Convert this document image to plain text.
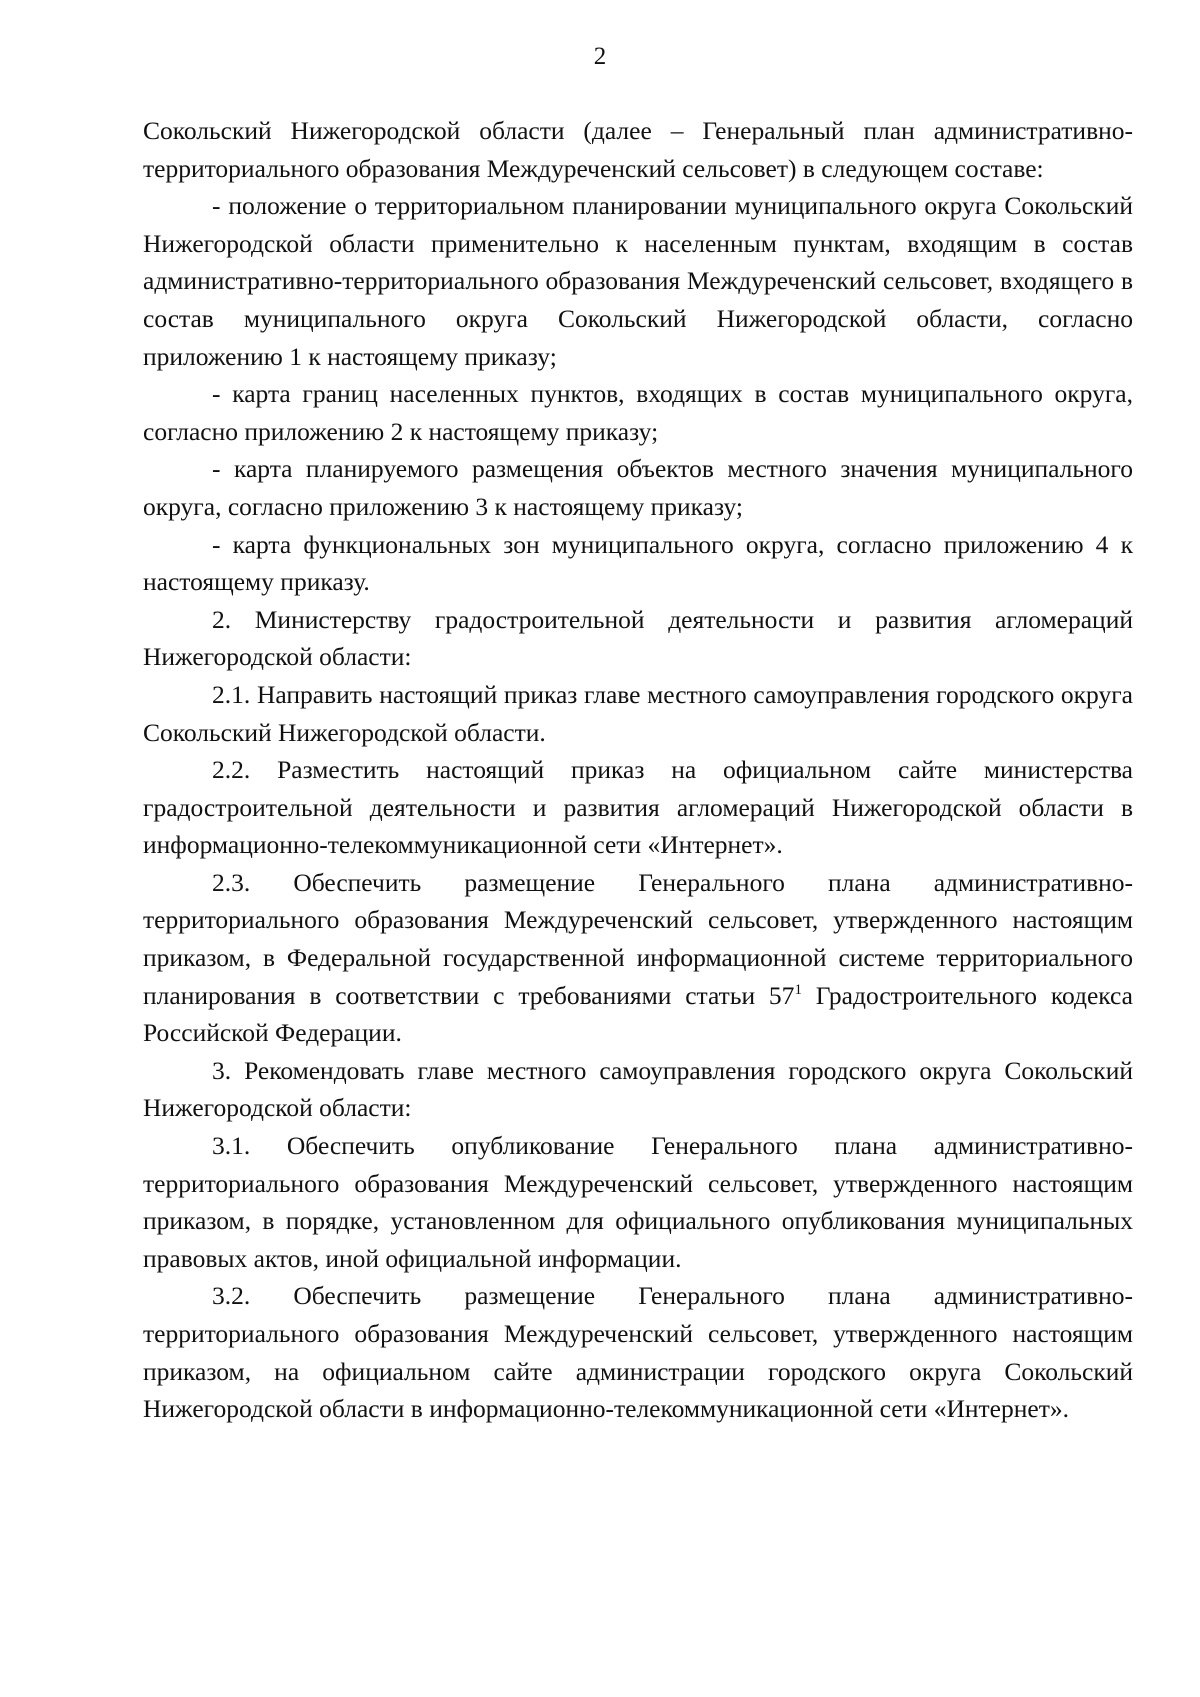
2

Сокольский Нижегородской области (далее – Генеральный план административно-территориального образования Междуреченский сельсовет) в следующем составе:

- положение о территориальном планировании муниципального округа Сокольский Нижегородской области применительно к населенным пунктам, входящим в состав административно-территориального образования Междуреченский сельсовет, входящего в состав муниципального округа Сокольский Нижегородской области, согласно приложению 1 к настоящему приказу;

- карта границ населенных пунктов, входящих в состав муниципального округа, согласно приложению 2 к настоящему приказу;

- карта планируемого размещения объектов местного значения муниципального округа, согласно приложению 3 к настоящему приказу;

- карта функциональных зон муниципального округа, согласно приложению 4 к настоящему приказу.

2. Министерству градостроительной деятельности и развития агломераций Нижегородской области:

2.1. Направить настоящий приказ главе местного самоуправления городского округа Сокольский Нижегородской области.

2.2. Разместить настоящий приказ на официальном сайте министерства градостроительной деятельности и развития агломераций Нижегородской области в информационно-телекоммуникационной сети «Интернет».

2.3. Обеспечить размещение Генерального плана административно-территориального образования Междуреченский сельсовет, утвержденного настоящим приказом, в Федеральной государственной информационной системе территориального планирования в соответствии с требованиями статьи $57^1$ Градостроительного кодекса Российской Федерации.

3. Рекомендовать главе местного самоуправления городского округа Сокольский Нижегородской области:

3.1. Обеспечить опубликование Генерального плана административно-территориального образования Междуреченский сельсовет, утвержденного настоящим приказом, в порядке, установленном для официального опубликования муниципальных правовых актов, иной официальной информации.

3.2. Обеспечить размещение Генерального плана административно-территориального образования Междуреченский сельсовет, утвержденного настоящим приказом, на официальном сайте администрации городского округа Сокольский Нижегородской области в информационно-телекоммуникационной сети «Интернет».
